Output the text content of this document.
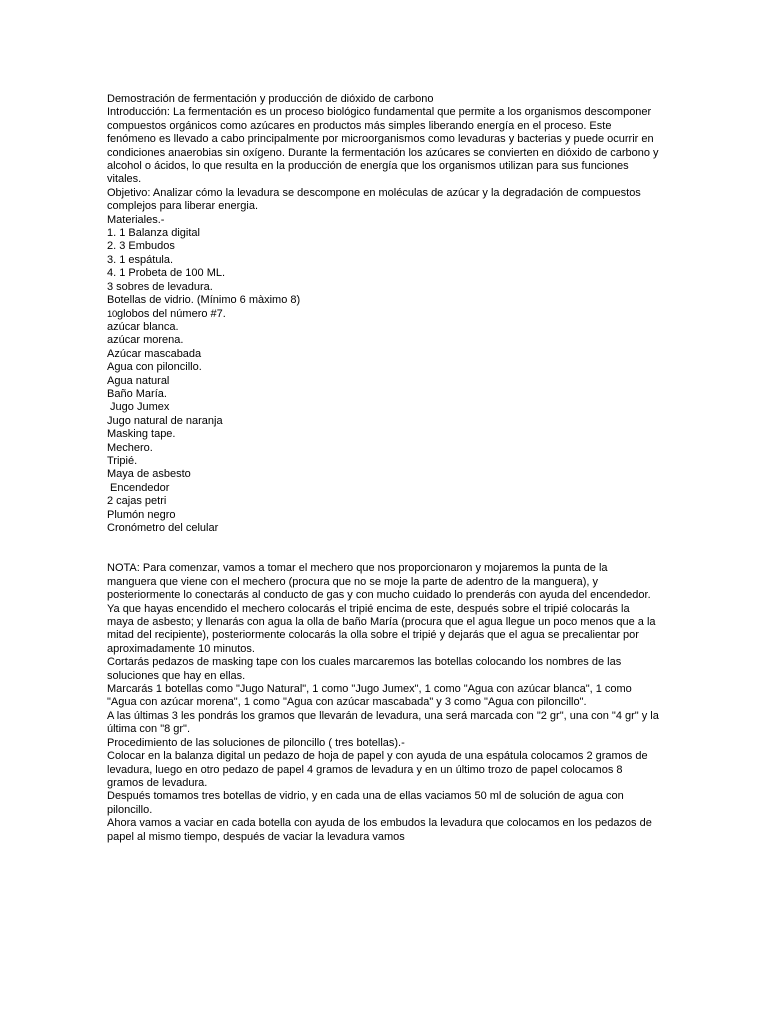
Demostración de fermentación y producción de dióxido de carbono
Introducción: La fermentación es un proceso biológico fundamental que permite a los organismos descomponer compuestos orgánicos como azúcares en productos más simples liberando energía en el proceso. Este fenómeno es llevado a cabo principalmente por microorganismos como levaduras y bacterias y puede ocurrir en condiciones anaerobias sin oxígeno. Durante la fermentación los azúcares se convierten en dióxido de carbono y alcohol o ácidos, lo que resulta en la producción de energía que los organismos utilizan para sus funciones vitales.
Objetivo: Analizar cómo la levadura se descompone en moléculas de azúcar y la degradación de compuestos complejos para liberar energia.
Materiales.-
1. 1 Balanza digital
2. 3 Embudos
3. 1 espátula.
4. 1 Probeta de 100 ML.
3 sobres de levadura.
Botellas de vidrio. (Mínimo 6 màximo 8)
10globos del número #7.
azúcar blanca.
azúcar morena.
Azúcar mascabada
Agua con piloncillo.
Agua natural
Baño María.
Jugo Jumex
Jugo natural de naranja
Masking tape.
Mechero.
Tripié.
Maya de asbesto
Encendedor
2 cajas petri
Plumón negro
Cronómetro del celular
NOTA: Para comenzar, vamos a tomar el mechero que nos proporcionaron y mojaremos la punta de la manguera que viene con el mechero (procura que no se moje la parte de adentro de la manguera), y posteriormente lo conectarás al conducto de gas y con mucho cuidado lo prenderás con ayuda del encendedor.
Ya que hayas encendido el mechero colocarás el tripié encima de este, después sobre el tripié colocarás la maya de asbesto; y llenarás con agua la olla de baño María (procura que el agua llegue un poco menos que a la mitad del recipiente), posteriormente colocarás la olla sobre el tripié y dejarás que el agua se precalientar por aproximadamente 10 minutos.
Cortarás pedazos de masking tape con los cuales marcaremos las botellas colocando los nombres de las soluciones que hay en ellas.
Marcarás 1 botellas como "Jugo Natural", 1 como "Jugo Jumex", 1 como "Agua con azúcar blanca", 1 como "Agua con azúcar morena", 1 como "Agua con azúcar mascabada" y 3 como "Agua con piloncillo".
A las últimas 3 les pondrás los gramos que llevarán de levadura, una será marcada con "2 gr", una con "4 gr" y la última con "8 gr".
Procedimiento de las soluciones de piloncillo ( tres botellas).-
Colocar en la balanza digital un pedazo de hoja de papel y con ayuda de una espátula colocamos 2 gramos de levadura, luego en otro pedazo de papel 4 gramos de levadura y en un último trozo de papel colocamos 8 gramos de levadura.
Después tomamos tres botellas de vidrio, y en cada una de ellas vaciamos 50 ml de solución de agua con piloncillo.
Ahora vamos a vaciar en cada botella con ayuda de los embudos la levadura que colocamos en los pedazos de papel al mismo tiempo, después de vaciar la levadura vamos
